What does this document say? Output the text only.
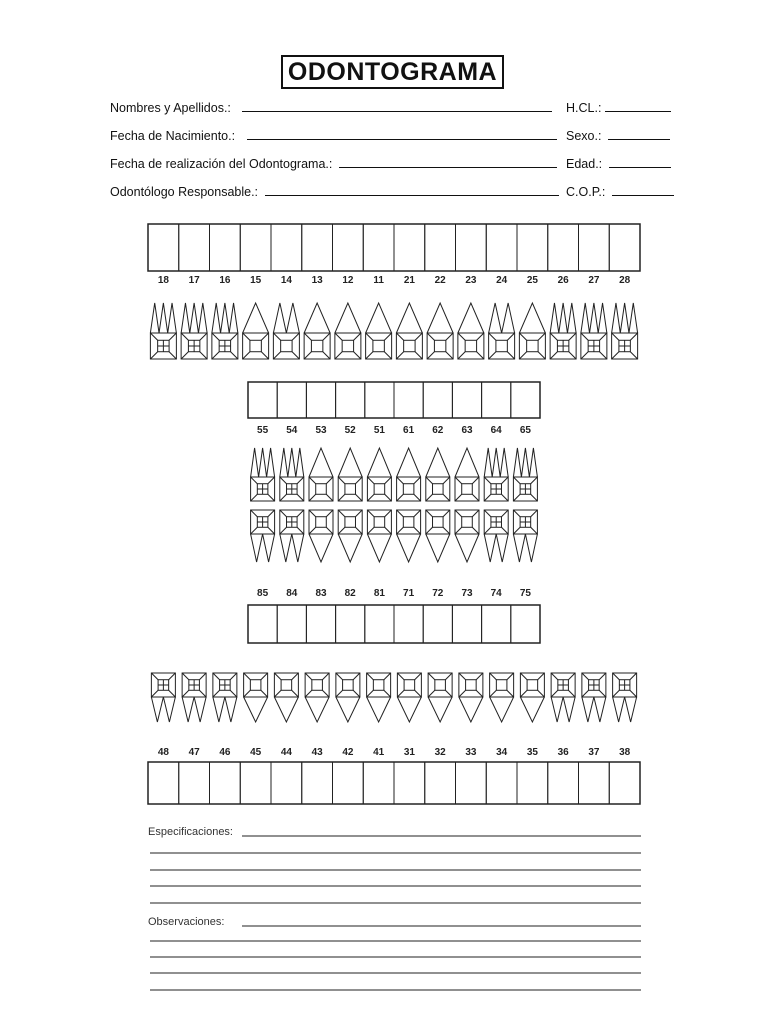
ODONTOGRAMA
Nombres y Apellidos.:	H.CL.:
Fecha de Nacimiento.:	Sexo.:
Fecha de realización del Odontograma.:	Edad.:
Odontólogo Responsable.:	C.O.P.:
18 17 16 15 14 13 12 11 21 22 23 24 25 26 27 28
55 54 53 52 51 61 62 63 64 65
85 84 83 82 81 71 72 73 74 75
48 47 46 45 44 43 42 41 31 32 33 34 35 36 37 38
Especificaciones:
Observaciones:
